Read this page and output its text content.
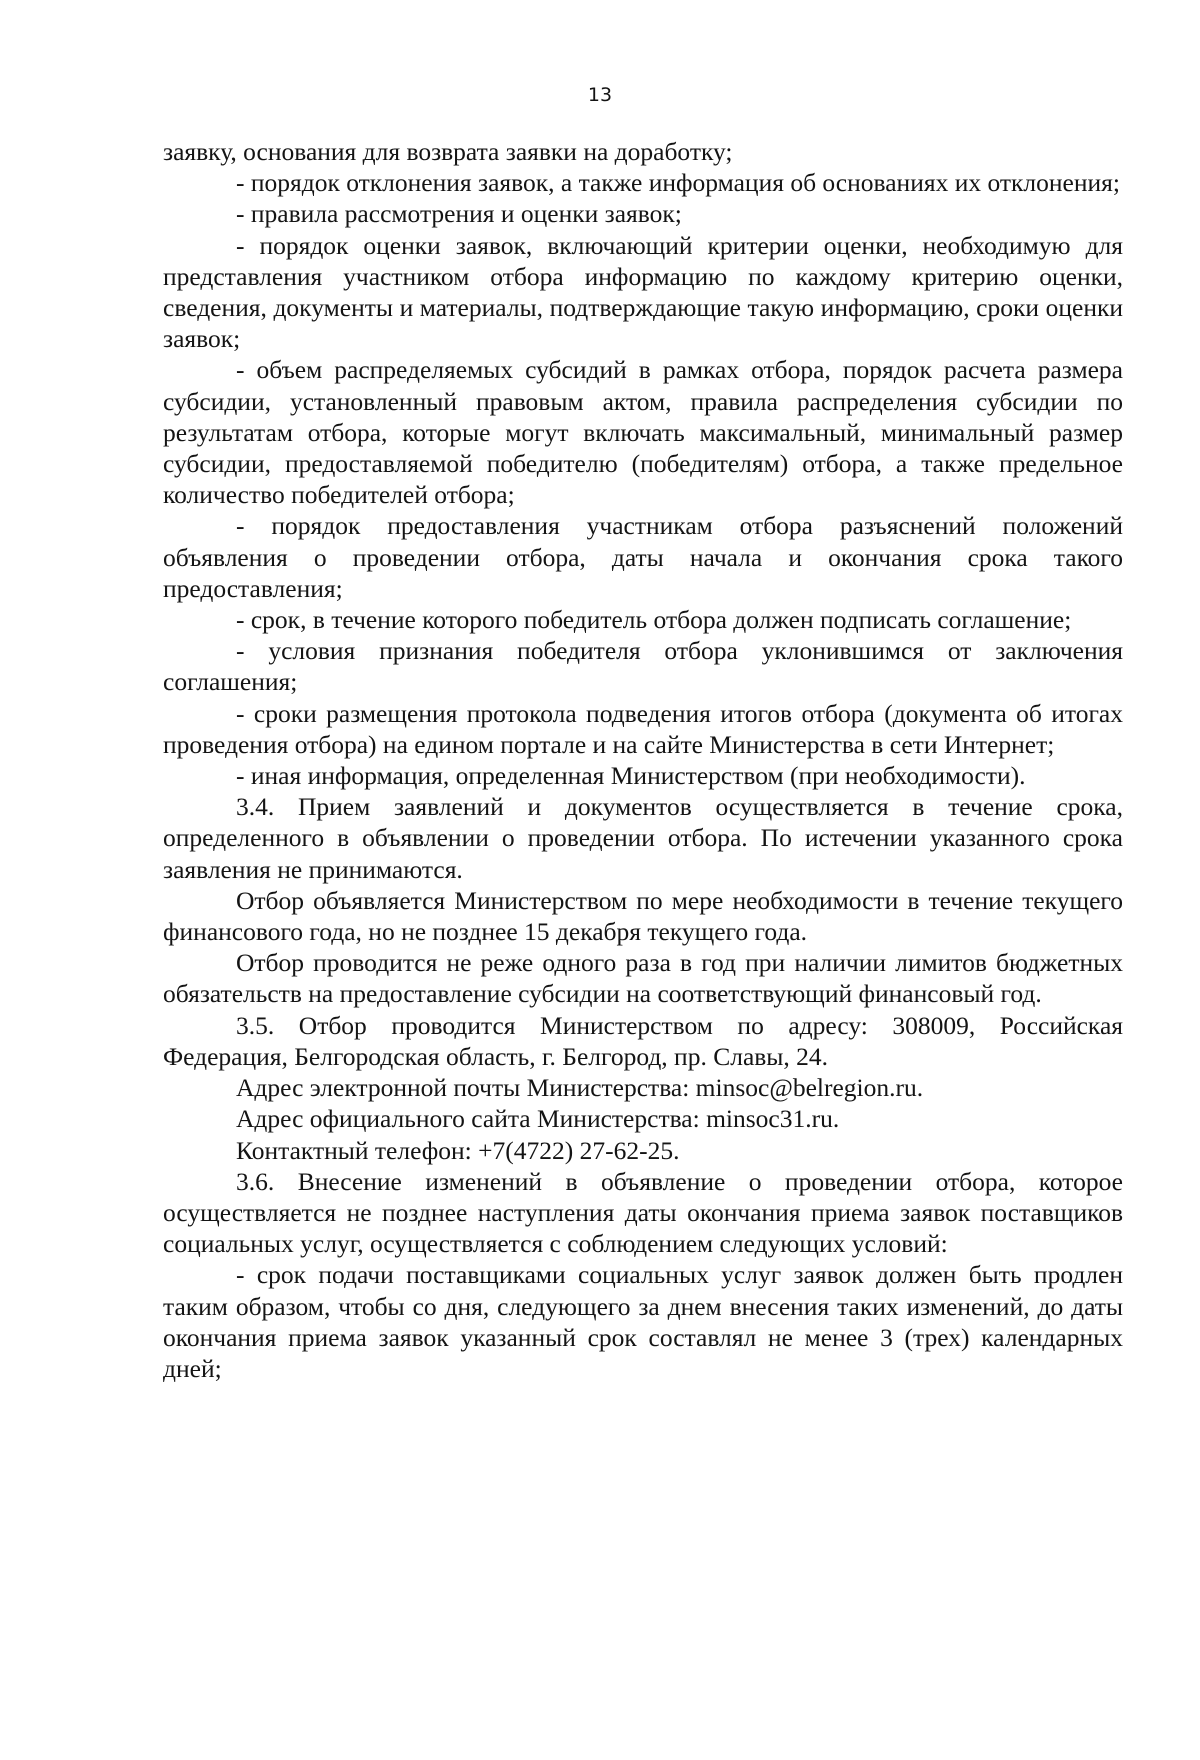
13

заявку, основания для возврата заявки на доработку;

- порядок отклонения заявок, а также информация об основаниях их отклонения;

- правила рассмотрения и оценки заявок;

- порядок оценки заявок, включающий критерии оценки, необходимую для представления участником отбора информацию по каждому критерию оценки, сведения, документы и материалы, подтверждающие такую информацию, сроки оценки заявок;

- объем распределяемых субсидий в рамках отбора, порядок расчета размера субсидии, установленный правовым актом, правила распределения субсидии по результатам отбора, которые могут включать максимальный, минимальный размер субсидии, предоставляемой победителю (победителям) отбора, а также предельное количество победителей отбора;

- порядок предоставления участникам отбора разъяснений положений объявления о проведении отбора, даты начала и окончания срока такого предоставления;

- срок, в течение которого победитель отбора должен подписать соглашение;

- условия признания победителя отбора уклонившимся от заключения соглашения;

- сроки размещения протокола подведения итогов отбора (документа об итогах проведения отбора) на едином портале и на сайте Министерства в сети Интернет;

- иная информация, определенная Министерством (при необходимости).

3.4. Прием заявлений и документов осуществляется в течение срока, определенного в объявлении о проведении отбора. По истечении указанного срока заявления не принимаются.

Отбор объявляется Министерством по мере необходимости в течение текущего финансового года, но не позднее 15 декабря текущего года.

Отбор проводится не реже одного раза в год при наличии лимитов бюджетных обязательств на предоставление субсидии на соответствующий финансовый год.

3.5. Отбор проводится Министерством по адресу: 308009, Российская Федерация, Белгородская область, г. Белгород, пр. Славы, 24.

Адрес электронной почты Министерства: minsoc@belregion.ru.

Адрес официального сайта Министерства: minsoc31.ru.

Контактный телефон: +7(4722) 27-62-25.

3.6. Внесение изменений в объявление о проведении отбора, которое осуществляется не позднее наступления даты окончания приема заявок поставщиков социальных услуг, осуществляется с соблюдением следующих условий:

- срок подачи поставщиками социальных услуг заявок должен быть продлен таким образом, чтобы со дня, следующего за днем внесения таких изменений, до даты окончания приема заявок указанный срок составлял не менее 3 (трех) календарных дней;
